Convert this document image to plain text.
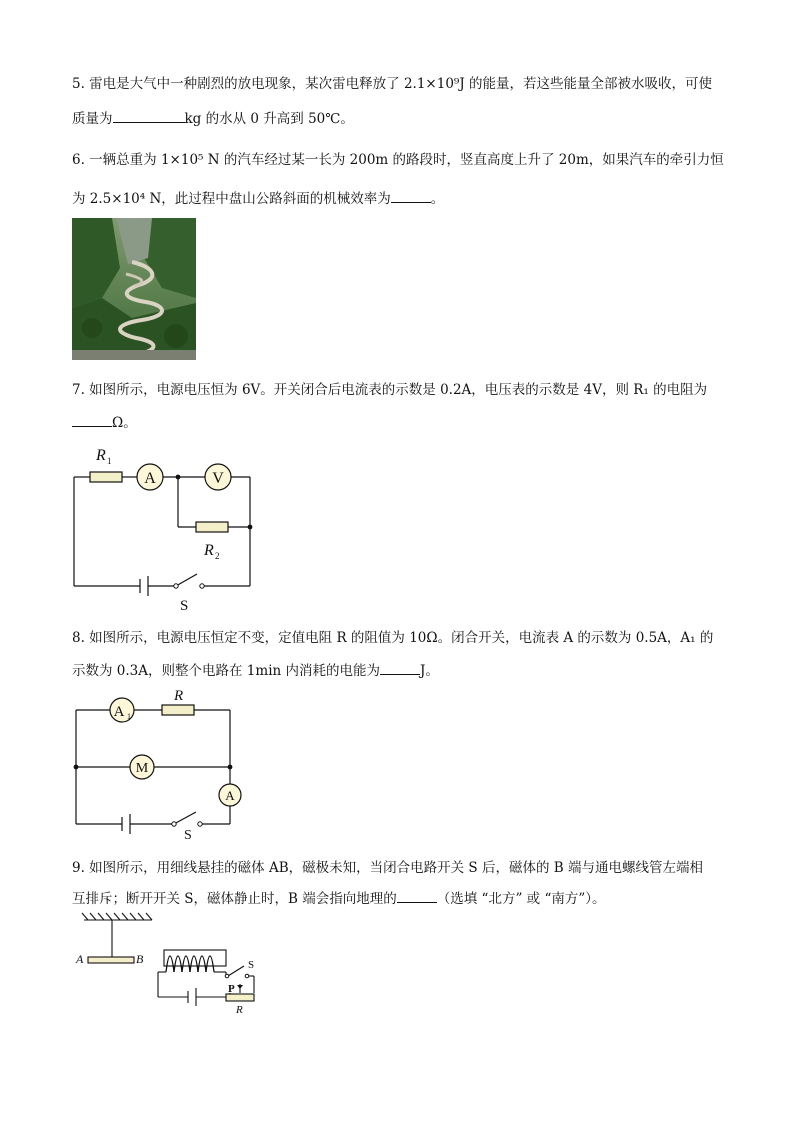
5. 雷电是大气中一种剧烈的放电现象，某次雷电释放了 2.1×10⁹J 的能量，若这些能量全部被水吸收，可使
质量为	kg 的水从 0 升高到 50℃。
6. 一辆总重为 1×10⁵ N 的汽车经过某一长为 200m 的路段时，竖直高度上升了 20m，如果汽车的牵引力恒
为 2.5×10⁴ N，此过程中盘山公路斜面的机械效率为	。
7. 如图所示，电源电压恒为 6V。开关闭合后电流表的示数是 0.2A，电压表的示数是 4V，则 R₁ 的电阻为
Ω。
A	V
R 1
R 2
S
8. 如图所示，电源电压恒定不变，定值电阻 R 的阻值为 10Ω。闭合开关，电流表 A 的示数为 0.5A，A₁ 的
示数为 0.3A，则整个电路在 1min 内消耗的电能为	J。
A 1
R
M
A
S
9. 如图所示，用细线悬挂的磁体 AB，磁极未知，当闭合电路开关 S 后，磁体的 B 端与通电螺线管左端相
互排斥；断开开关 S，磁体静止时，B 端会指向地理的	（选填 “北方” 或 “南方”）。
A	B	S
P
R
